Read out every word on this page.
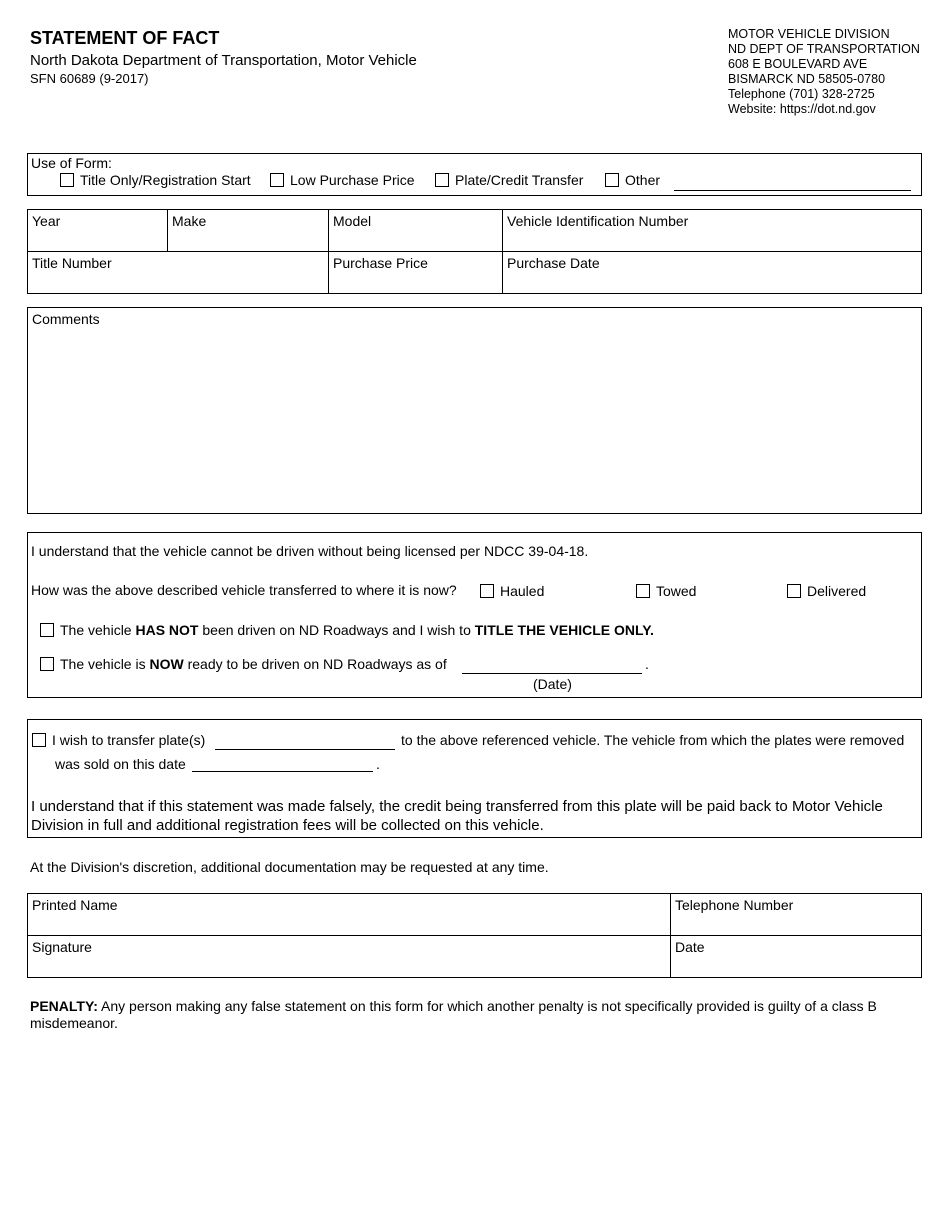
STATEMENT OF FACT
North Dakota Department of Transportation, Motor Vehicle
SFN 60689 (9-2017)
MOTOR VEHICLE DIVISION
ND DEPT OF TRANSPORTATION
608 E BOULEVARD AVE
BISMARCK ND 58505-0780
Telephone (701) 328-2725
Website: https://dot.nd.gov
Use of Form:
Title Only/Registration Start	Low Purchase Price	Plate/Credit Transfer	Other
Year	Make	Model	Vehicle Identification Number
Title Number	Purchase Price	Purchase Date
Comments
I understand that the vehicle cannot be driven without being licensed per NDCC 39-04-18.
How was the above described vehicle transferred to where it is now?	Hauled	Towed	Delivered
The vehicle HAS NOT been driven on ND Roadways and I wish to TITLE THE VEHICLE ONLY.
The vehicle is NOW ready to be driven on ND Roadways as of	.
(Date)
I wish to transfer plate(s)	to the above referenced vehicle. The vehicle from which the plates were removed
was sold on this date	.
I understand that if this statement was made falsely, the credit being transferred from this plate will be paid back to Motor Vehicle Division in full and additional registration fees will be collected on this vehicle.
At the Division's discretion, additional documentation may be requested at any time.
Printed Name	Telephone Number
Signature	Date
PENALTY: Any person making any false statement on this form for which another penalty is not specifically provided is guilty of a class B misdemeanor.
